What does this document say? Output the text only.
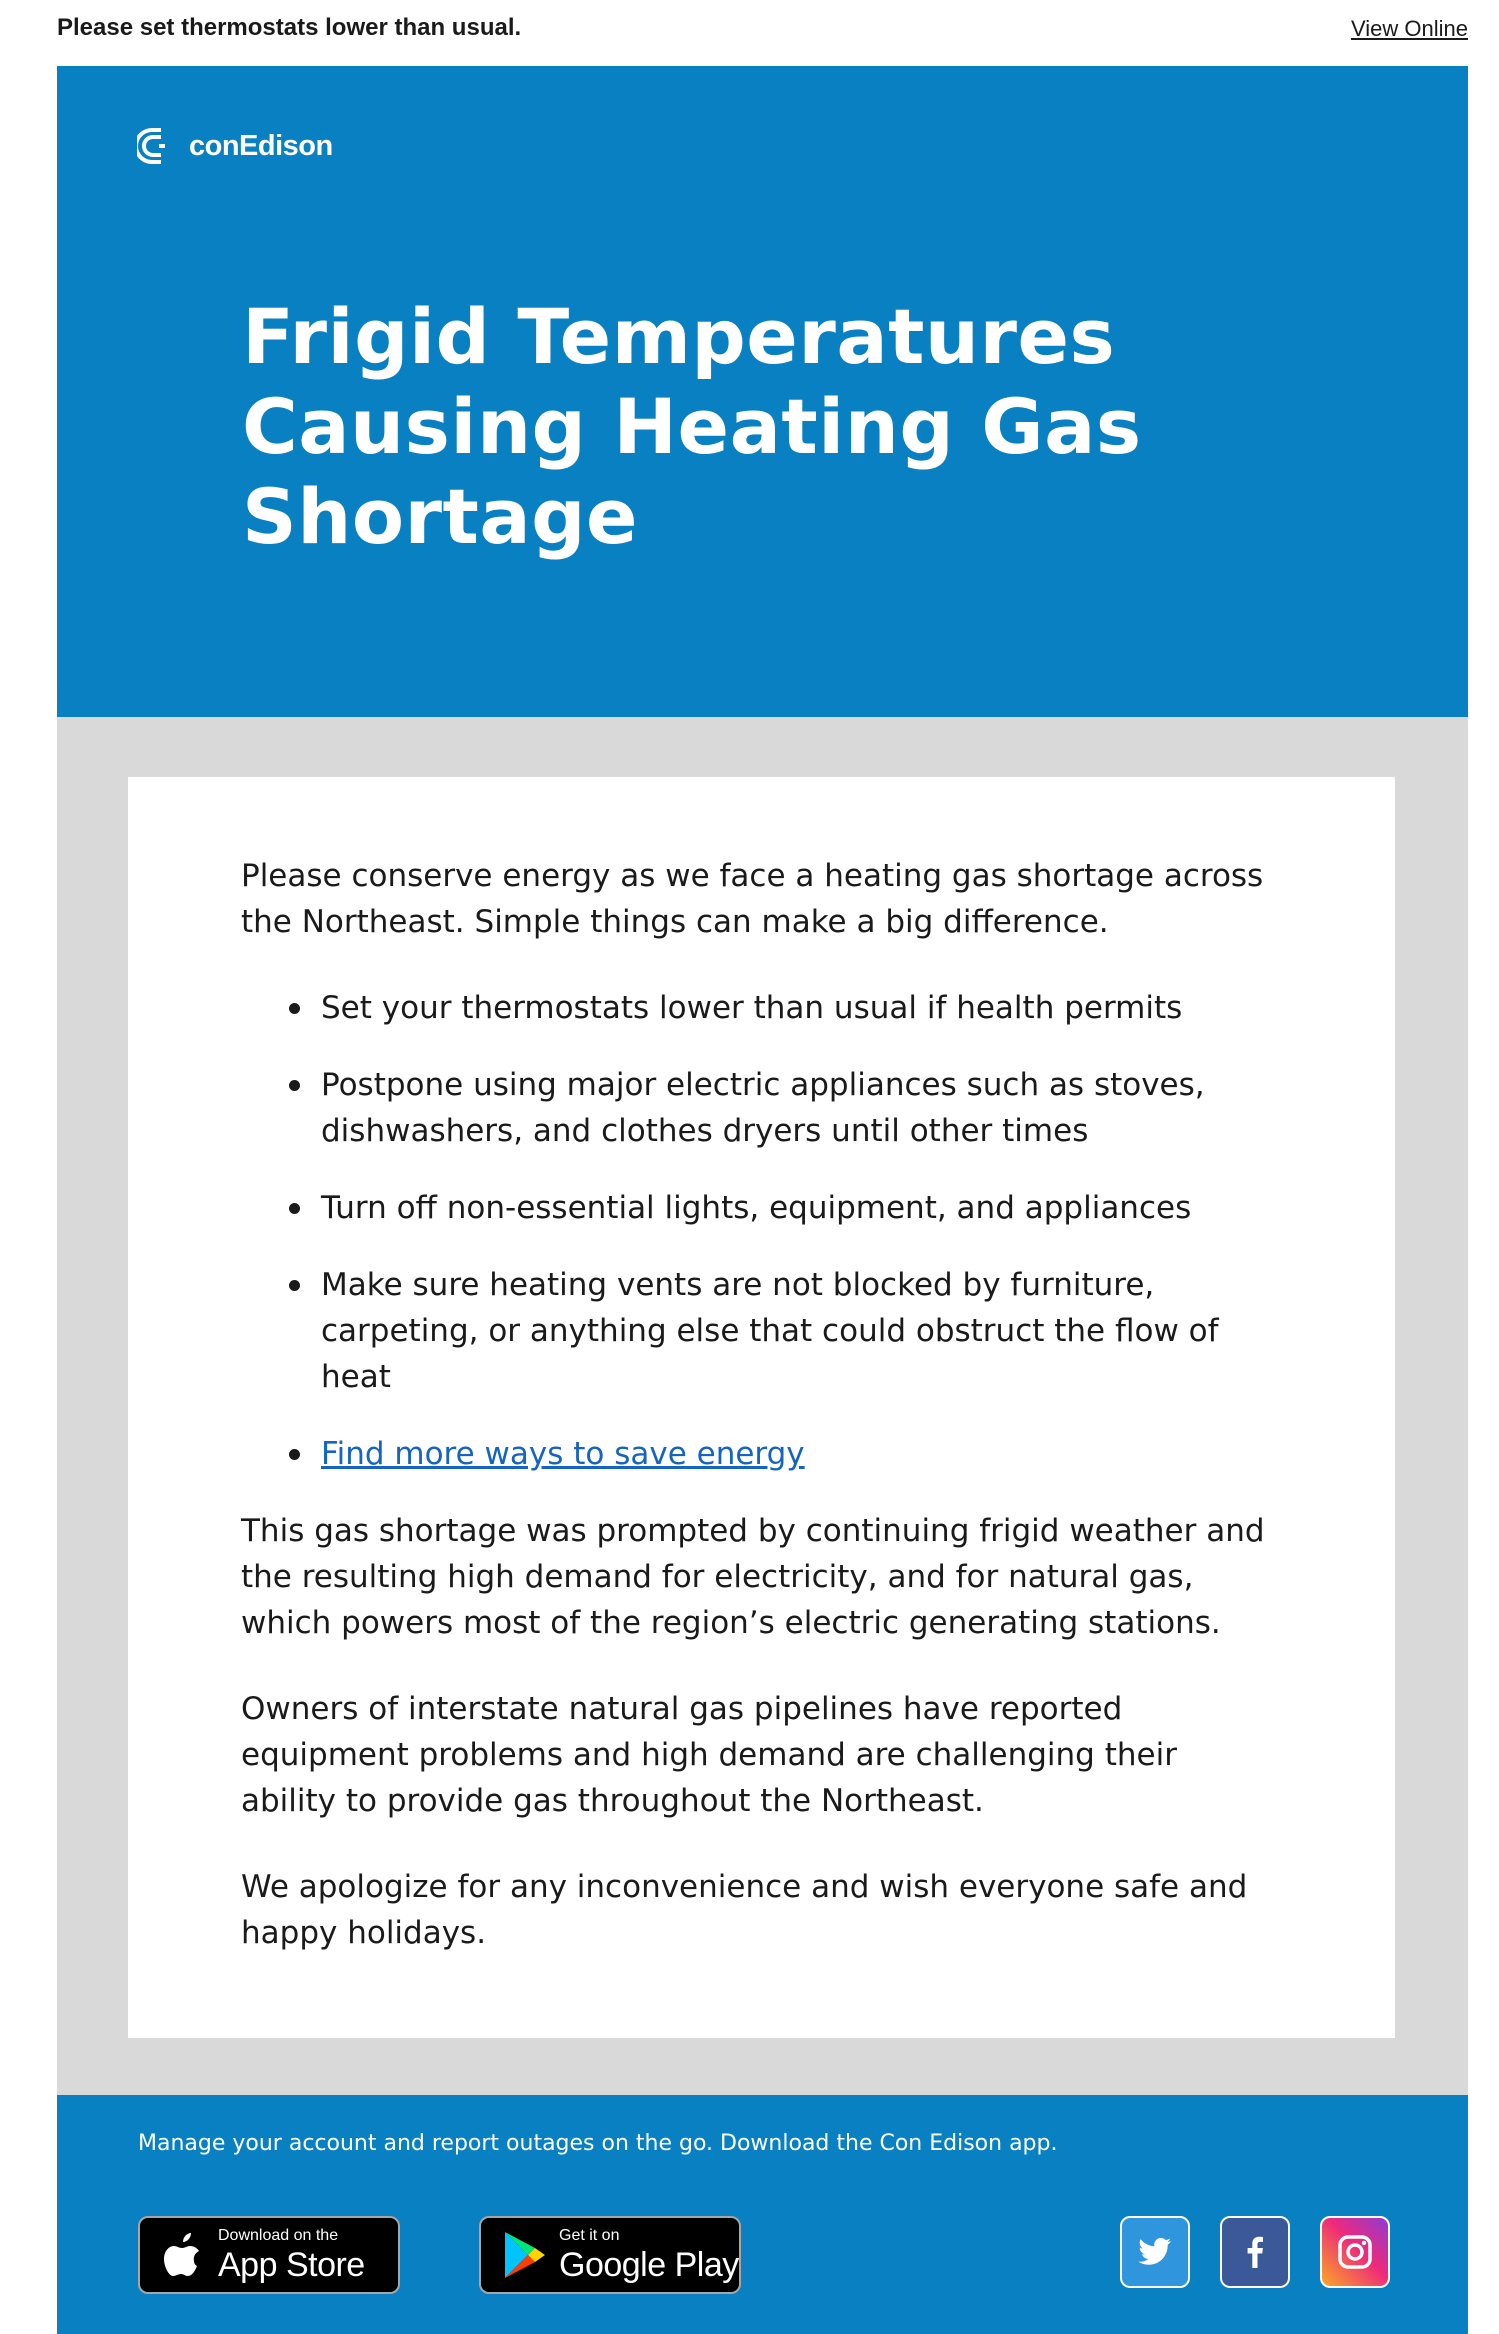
Please set thermostats lower than usual.	View Online
conEdison
Frigid Temperatures Causing Heating Gas Shortage

Please conserve energy as we face a heating gas shortage across the Northeast. Simple things can make a big difference.

Set your thermostats lower than usual if health permits
Postpone using major electric appliances such as stoves, dishwashers, and clothes dryers until other times
Turn off non-essential lights, equipment, and appliances
Make sure heating vents are not blocked by furniture, carpeting, or anything else that could obstruct the flow of heat
Find more ways to save energy

This gas shortage was prompted by continuing frigid weather and the resulting high demand for electricity, and for natural gas, which powers most of the region’s electric generating stations.

Owners of interstate natural gas pipelines have reported equipment problems and high demand are challenging their ability to provide gas throughout the Northeast.

We apologize for any inconvenience and wish everyone safe and happy holidays.

Manage your account and report outages on the go. Download the Con Edison app.
Download on the
App Store
Get it on
Google Play
